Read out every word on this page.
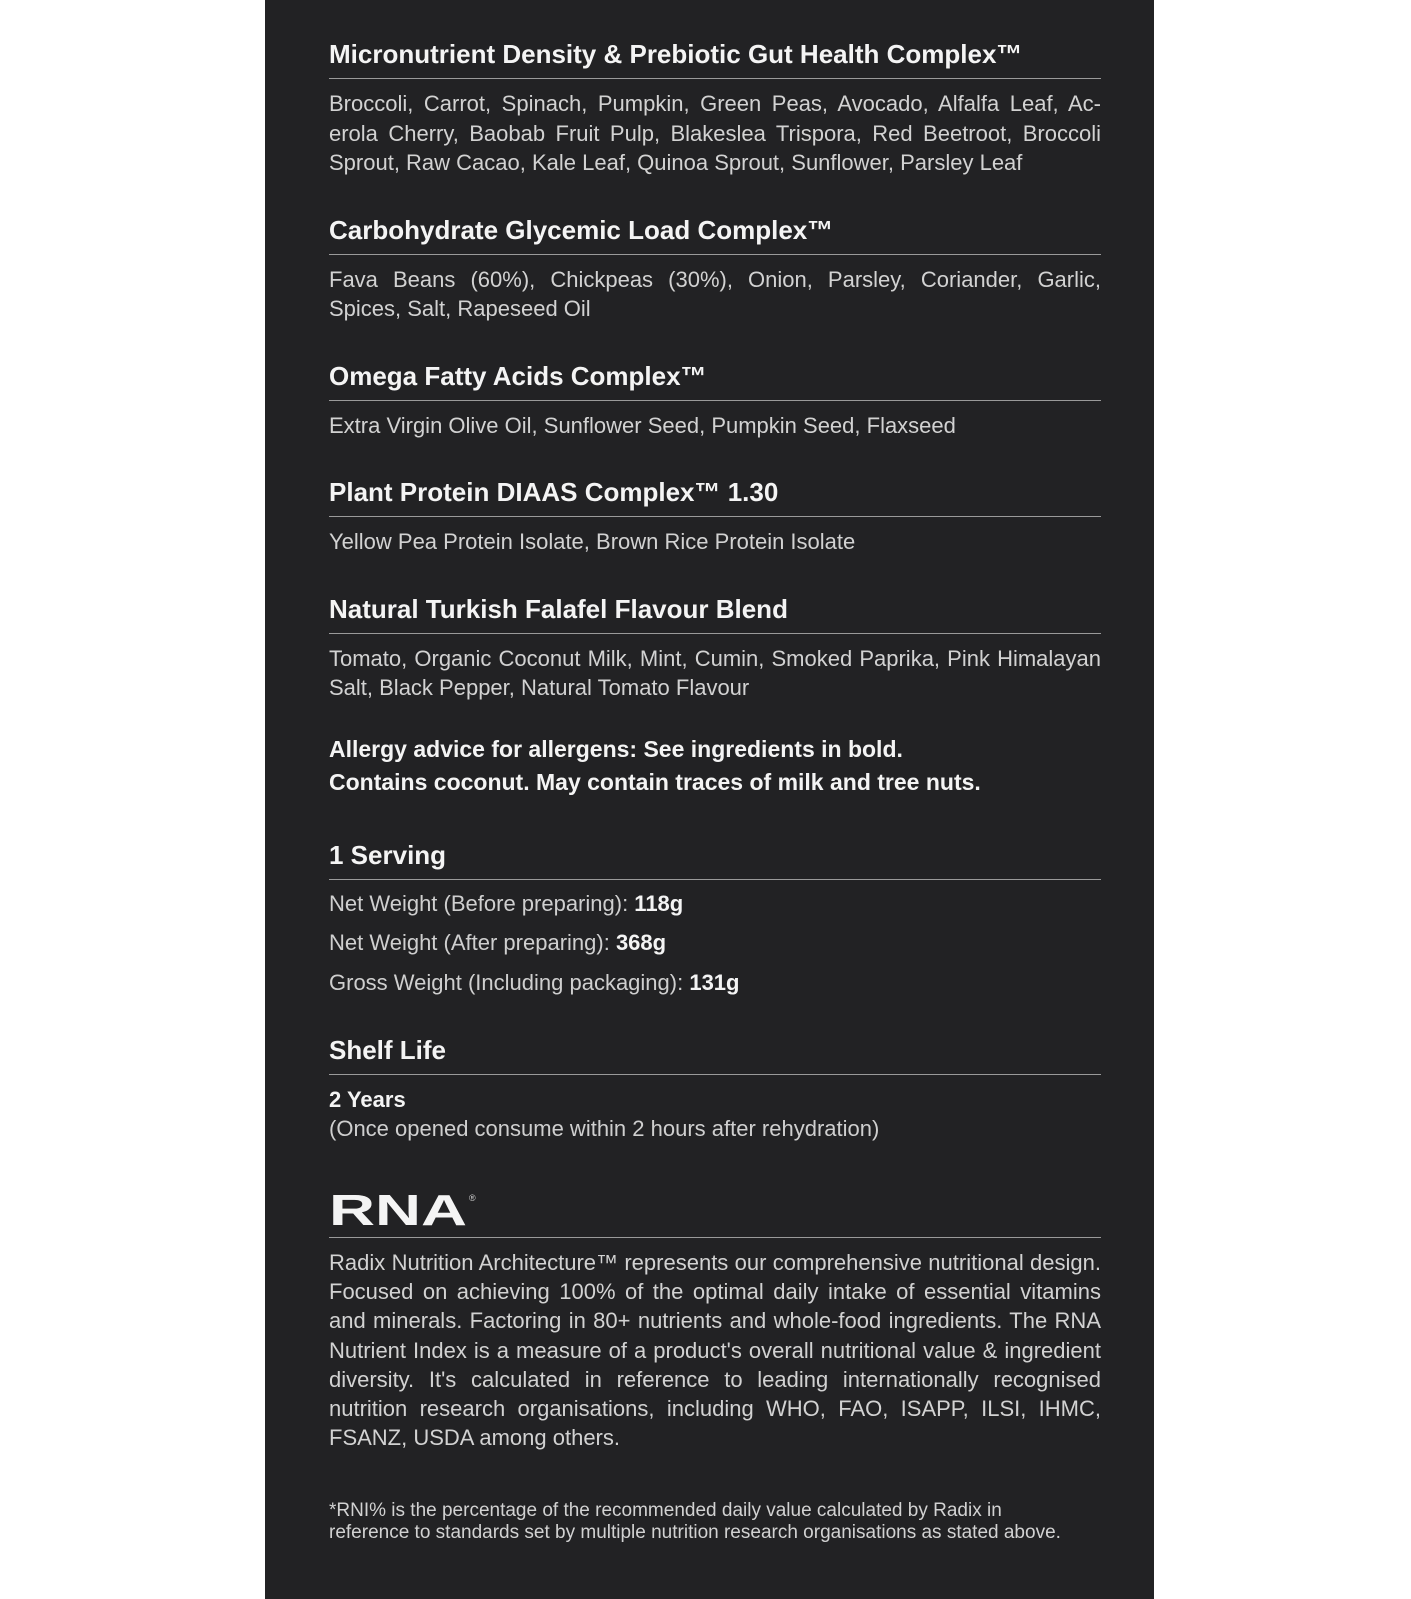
Micronutrient Density & Prebiotic Gut Health Complex™
Broccoli, Carrot, Spinach, Pumpkin, Green Peas, Avocado, Alfalfa Leaf, Acerola Cherry, Baobab Fruit Pulp, Blakeslea Trispora, Red Beetroot, Broccoli Sprout, Raw Cacao, Kale Leaf, Quinoa Sprout, Sunflower, Parsley Leaf
Carbohydrate Glycemic Load Complex™
Fava Beans (60%), Chickpeas (30%), Onion, Parsley, Coriander, Garlic, Spices, Salt, Rapeseed Oil
Omega Fatty Acids Complex™
Extra Virgin Olive Oil, Sunflower Seed, Pumpkin Seed, Flaxseed
Plant Protein DIAAS Complex™ 1.30
Yellow Pea Protein Isolate, Brown Rice Protein Isolate
Natural Turkish Falafel Flavour Blend
Tomato, Organic Coconut Milk, Mint, Cumin, Smoked Paprika, Pink Himalayan Salt, Black Pepper, Natural Tomato Flavour
Allergy advice for allergens: See ingredients in bold.
Contains coconut. May contain traces of milk and tree nuts.
1 Serving
Net Weight (Before preparing): 118g
Net Weight (After preparing): 368g
Gross Weight (Including packaging): 131g
Shelf Life
2 Years
(Once opened consume within 2 hours after rehydration)
RNA ®
Radix Nutrition Architecture™ represents our comprehensive nutritional design. Focused on achieving 100% of the optimal daily intake of essential vitamins and minerals. Factoring in 80+ nutrients and whole-food ingredients. The RNA Nutrient Index is a measure of a product's overall nutritional value & ingredient diversity. It's calculated in reference to leading internationally recognised nutrition research organisations, including WHO, FAO, ISAPP, ILSI, IHMC, FSANZ, USDA among others.
*RNI% is the percentage of the recommended daily value calculated by Radix in reference to standards set by multiple nutrition research organisations as stated above.
